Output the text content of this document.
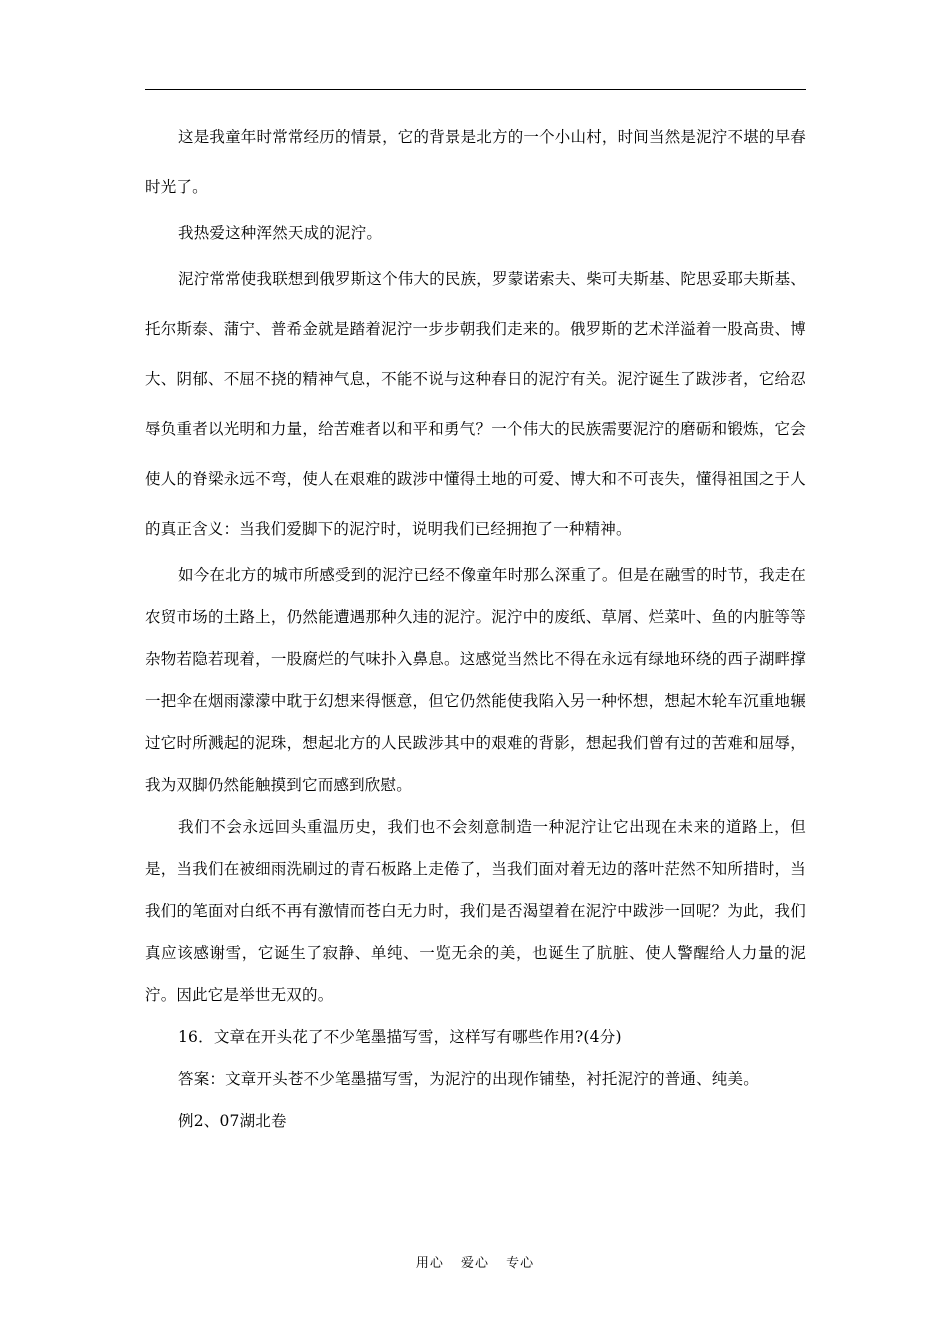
这是我童年时常常经历的情景，它的背景是北方的一个小山村，时间当然是泥泞不堪的早春时光了。

我热爱这种浑然天成的泥泞。

泥泞常常使我联想到俄罗斯这个伟大的民族，罗蒙诺索夫、柴可夫斯基、陀思妥耶夫斯基、托尔斯泰、蒲宁、普希金就是踏着泥泞一步步朝我们走来的。俄罗斯的艺术洋溢着一股高贵、博大、阴郁、不屈不挠的精神气息，不能不说与这种春日的泥泞有关。泥泞诞生了跋涉者，它给忍辱负重者以光明和力量，给苦难者以和平和勇气？一个伟大的民族需要泥泞的磨砺和锻炼，它会使人的脊梁永远不弯，使人在艰难的跋涉中懂得土地的可爱、博大和不可丧失，懂得祖国之于人的真正含义：当我们爱脚下的泥泞时，说明我们已经拥抱了一种精神。

如今在北方的城市所感受到的泥泞已经不像童年时那么深重了。但是在融雪的时节，我走在农贸市场的土路上，仍然能遭遇那种久违的泥泞。泥泞中的废纸、草屑、烂菜叶、鱼的内脏等等杂物若隐若现着，一股腐烂的气味扑入鼻息。这感觉当然比不得在永远有绿地环绕的西子湖畔撑一把伞在烟雨濛濛中耽于幻想来得惬意，但它仍然能使我陷入另一种怀想，想起木轮车沉重地辗过它时所溅起的泥珠，想起北方的人民跋涉其中的艰难的背影，想起我们曾有过的苦难和屈辱，我为双脚仍然能触摸到它而感到欣慰。

我们不会永远回头重温历史，我们也不会刻意制造一种泥泞让它出现在未来的道路上，但是，当我们在被细雨洗刷过的青石板路上走倦了，当我们面对着无边的落叶茫然不知所措时，当我们的笔面对白纸不再有激情而苍白无力时，我们是否渴望着在泥泞中跋涉一回呢？为此，我们真应该感谢雪，它诞生了寂静、单纯、一览无余的美，也诞生了肮脏、使人警醒给人力量的泥泞。因此它是举世无双的。

16．文章在开头花了不少笔墨描写雪，这样写有哪些作用?(4分)

答案：文章开头苍不少笔墨描写雪，为泥泞的出现作铺垫，衬托泥泞的普通、纯美。

例2、07湖北卷

用心 爱心 专心
